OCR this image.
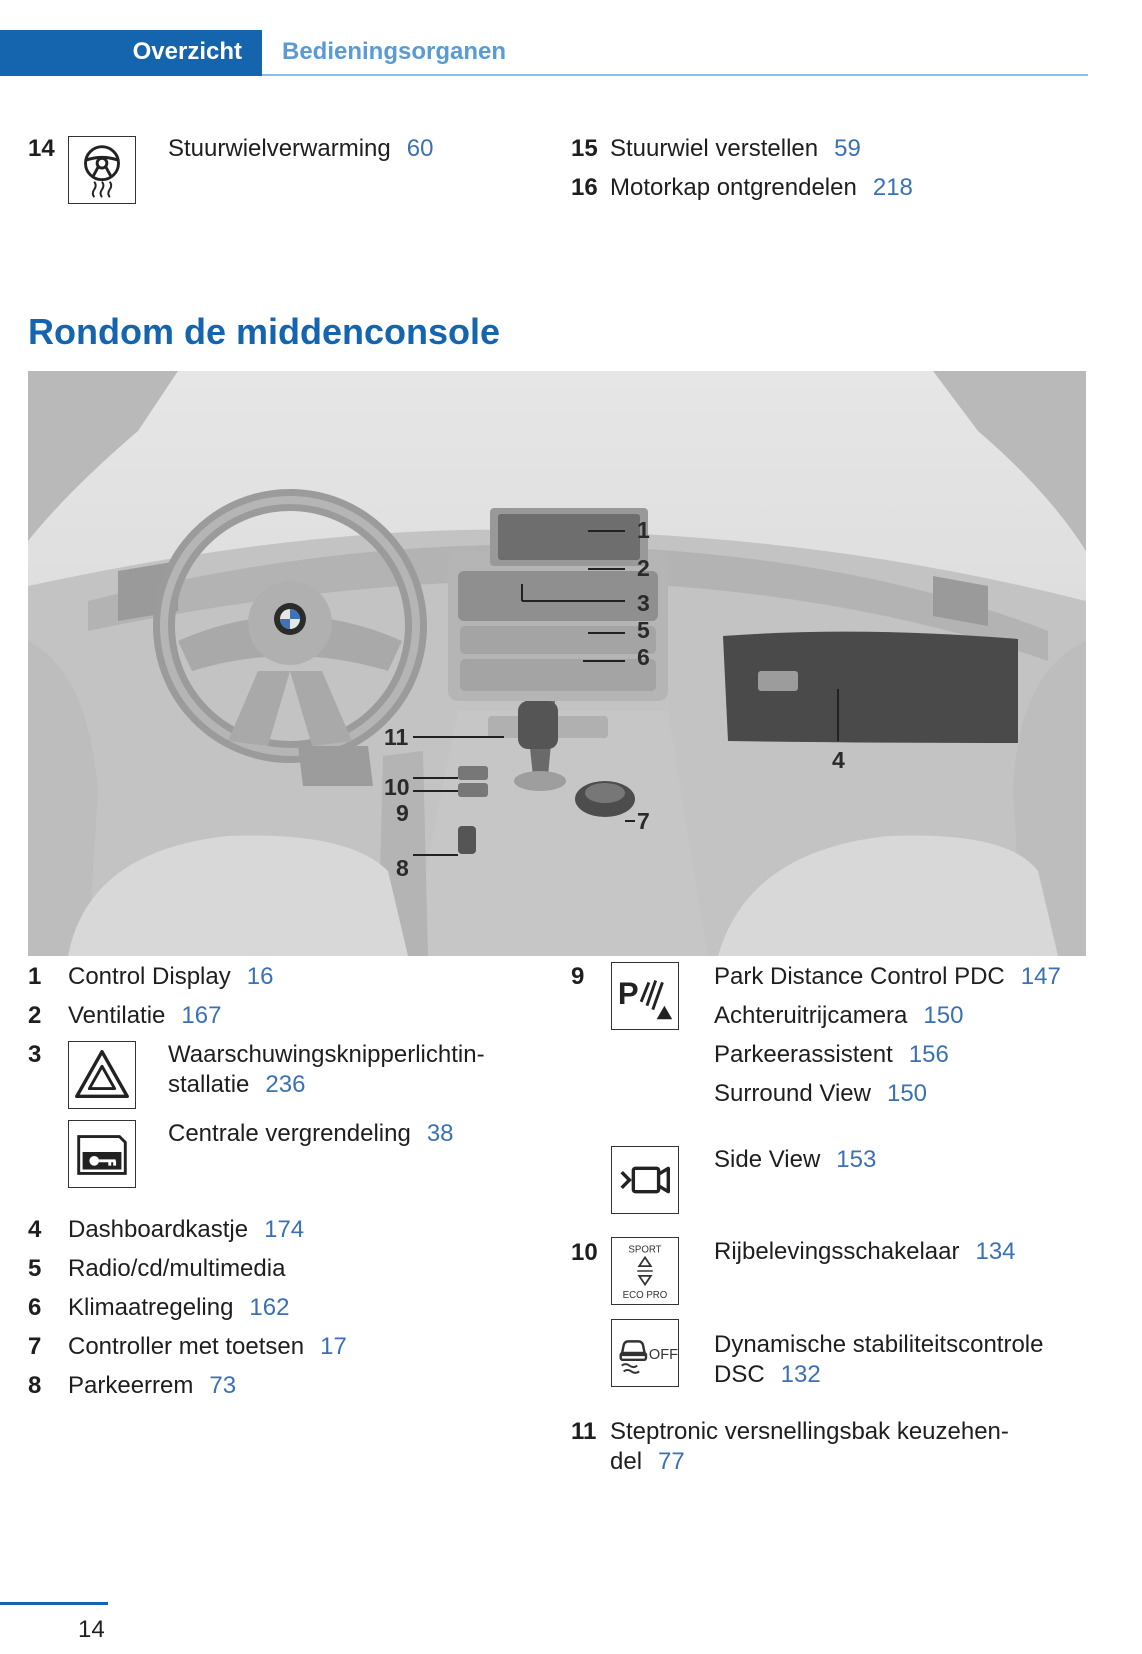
Overzicht Bedieningsorganen
14	Stuurwielverwarming 60	15 Stuurwiel verstellen 59
16 Motorkap ontgrendelen 218
Rondom de middenconsole
1
2
3
5
6
4
11
10
9	7
8
1 Control Display 16
2 Ventilatie 167
3	Waarschuwingsknipperlichtin-
stallatie 236
Centrale vergrendeling 38
4 Dashboardkastje 174
5 Radio/cd/multimedia
6 Klimaatregeling 162
7 Controller met toetsen 17
8 Parkeerrem 73
9 P	Park Distance Control PDC 147
Achteruitrijcamera 150
Parkeerassistent 156
Surround View 150
Side View 153
10	SPORT
ECO PRO
Rijbelevingsschakelaar 134
OFF Dynamische stabiliteitscontrole
DSC 132
11 Steptronic versnellingsbak keuzehen-
del 77
14
